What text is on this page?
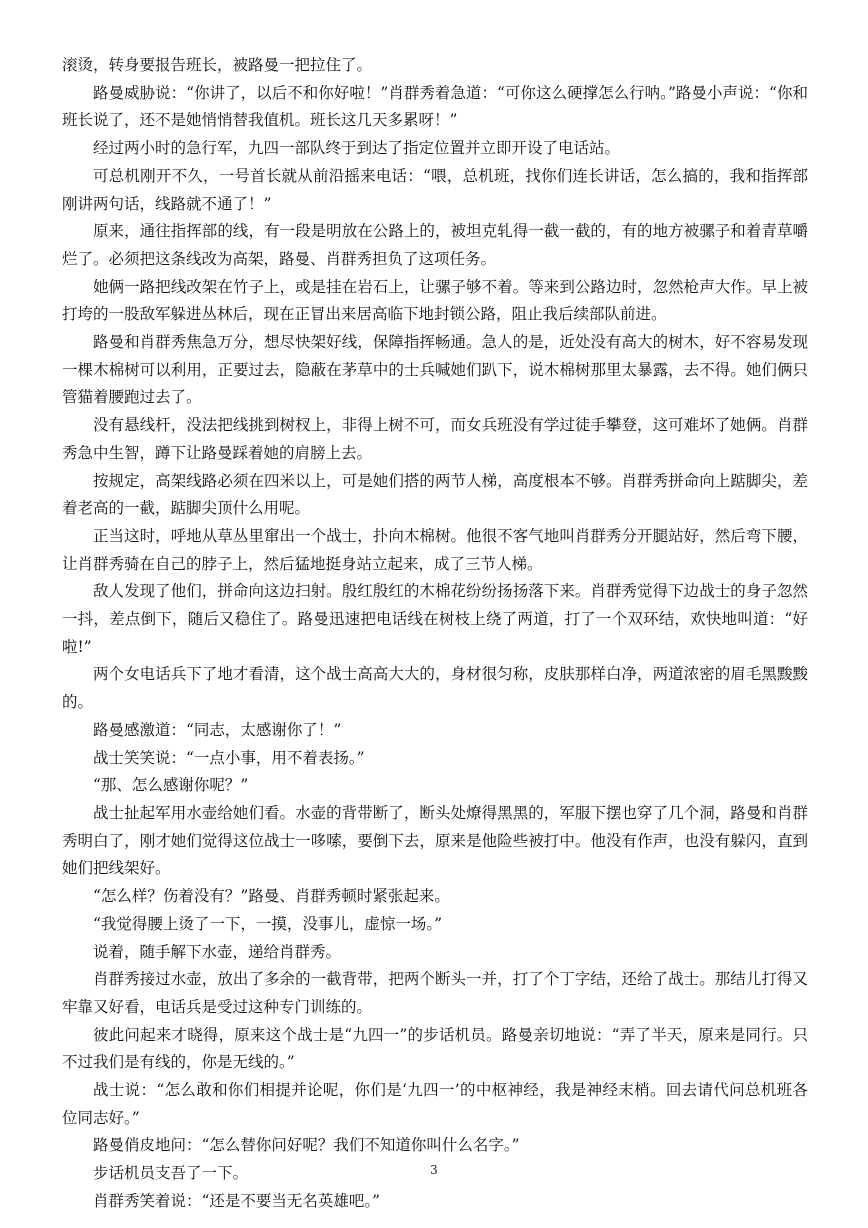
滚烫，转身要报告班长，被路曼一把拉住了。

路曼威胁说：“你讲了，以后不和你好啦！”肖群秀着急道：“可你这么硬撑怎么行呐。”路曼小声说：“你和班长说了，还不是她悄悄替我值机。班长这几天多累呀！”

经过两小时的急行军，九四一部队终于到达了指定位置并立即开设了电话站。

可总机刚开不久，一号首长就从前沿摇来电话：“喂，总机班，找你们连长讲话，怎么搞的，我和指挥部刚讲两句话，线路就不通了！”

原来，通往指挥部的线，有一段是明放在公路上的，被坦克轧得一截一截的，有的地方被骡子和着青草嚼烂了。必须把这条线改为高架，路曼、肖群秀担负了这项任务。

她俩一路把线改架在竹子上，或是挂在岩石上，让骡子够不着。等来到公路边时，忽然枪声大作。早上被打垮的一股敌军躲进丛林后，现在正冒出来居高临下地封锁公路，阻止我后续部队前进。

路曼和肖群秀焦急万分，想尽快架好线，保障指挥畅通。急人的是，近处没有高大的树木，好不容易发现一棵木棉树可以利用，正要过去，隐蔽在茅草中的士兵喊她们趴下，说木棉树那里太暴露，去不得。她们俩只管猫着腰跑过去了。

没有悬线杆，没法把线挑到树杈上，非得上树不可，而女兵班没有学过徒手攀登，这可难坏了她俩。肖群秀急中生智，蹲下让路曼踩着她的肩膀上去。

按规定，高架线路必须在四米以上，可是她们搭的两节人梯，高度根本不够。肖群秀拼命向上踮脚尖，差着老高的一截，踮脚尖顶什么用呢。

正当这时，呼地从草丛里窜出一个战士，扑向木棉树。他很不客气地叫肖群秀分开腿站好，然后弯下腰，让肖群秀骑在自己的脖子上，然后猛地挺身站立起来，成了三节人梯。

敌人发现了他们，拼命向这边扫射。殷红殷红的木棉花纷纷扬扬落下来。肖群秀觉得下边战士的身子忽然一抖，差点倒下，随后又稳住了。路曼迅速把电话线在树枝上绕了两道，打了一个双环结，欢快地叫道：“好啦!”

两个女电话兵下了地才看清，这个战士高高大大的，身材很匀称，皮肤那样白净，两道浓密的眉毛黑黢黢的。

路曼感激道：“同志，太感谢你了！”

战士笑笑说：“一点小事，用不着表扬。”

“那、怎么感谢你呢？”

战士扯起军用水壶给她们看。水壶的背带断了，断头处燎得黑黑的，军服下摆也穿了几个洞，路曼和肖群秀明白了，刚才她们觉得这位战士一哆嗦，要倒下去，原来是他险些被打中。他没有作声，也没有躲闪，直到她们把线架好。

“怎么样？伤着没有？”路曼、肖群秀顿时紧张起来。

“我觉得腰上烫了一下，一摸，没事儿，虚惊一场。”

说着，随手解下水壶，递给肖群秀。

肖群秀接过水壶，放出了多余的一截背带，把两个断头一并，打了个丁字结，还给了战士。那结儿打得又牢靠又好看，电话兵是受过这种专门训练的。

彼此问起来才晓得，原来这个战士是“九四一”的步话机员。路曼亲切地说：“弄了半天，原来是同行。只不过我们是有线的，你是无线的。”

战士说：“怎么敢和你们相提并论呢，你们是‘九四一’的中枢神经，我是神经末梢。回去请代问总机班各位同志好。”

路曼俏皮地问：“怎么替你问好呢？我们不知道你叫什么名字。”

步话机员支吾了一下。

肖群秀笑着说：“还是不要当无名英雄吧。”

3
